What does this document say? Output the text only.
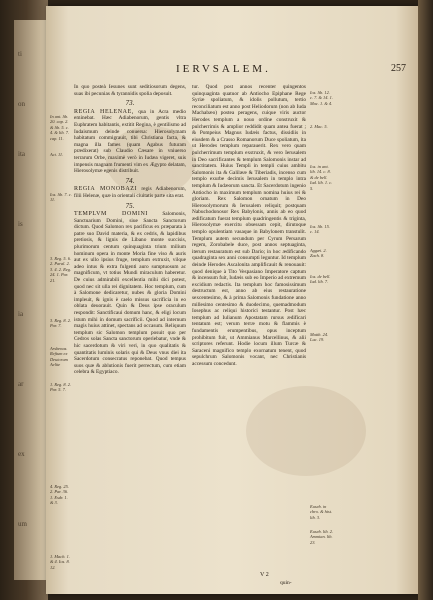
ti
on
ita
is
ia
ar
ex
um
IERVSALEM.	257
In ant. lib. 20. cap. 2. & lib. 5. c. 4. & lib. 7. cap. 11.
Act. 11.
Ios. lib. 7. c. 11.
3. Reg. 5. 6. 2. Paral. 2. 3. 4. 2. Reg. 24. 1. Par. 21.
3. Reg. 8. 2. Par. 7.
Arsbenas. Reftum ex Deutorum Aelite
1. Reg. 8. 2. Par. 5. 7.
4. Reg. 25. 2. Par. 36. 1. Esdr. 1. & 3.
1. Mach. 1. & 4. Ios. 8. 12.

In quo posteà Iesunes sunt seditiosorum degens, suas ibi pecunias & tyrannidis spolia deposuit.

73.

REGIA HELENAE, qua in Acra medio eminebat. Hæc Adiabenorum, gentis vltra Euphratem habitantis, extitit Regina, è gentilismo ad Iudaismum deinde conuersa: Hierosolymam habitatum commigrauit, tibi Christiana facta, & magna illa fames (quam Agabus futuram prædixerat) sub Claudio Cæsare in vniuerso terrarum Orbe, maximè verò in Iudæa vigeret, suis impensis magnam frumenti vim ex Ægypto delatam, Hierosolymæ egenis distribuit.

74.

REGIA MONOBAZI regis Adiabenorum, filii Helenæ, quæ in orientali ciuitatis parte sita erat.

75.

TEMPLVM DOMINI	Salomonis, Sanctuarium Domini, siue Sancta Sanctorum dictum. Quod Salomon rex pacificus ex præparata à patre suo David materia, & ex cedris, & lapidibus pretiosis, & lignis de Libano monte succisis, plurimorum centum quinquaginta trium milium hominum opera in monte Moria fine viso & auris aut ex ullo ipsius fruge, templum extruxit, vilque adeo intus & extra fulgenti auro sumptuosum ac magnificum, vt totius Mundi miraculum haberetur. De cuius admirabili excellentia mihi dici potest, quod nec sit ulla rei dignitatem. Hoc templum, cum à Salomone dedicaretur, nubes & gloria Domini impleuit, & ignis è caelo missus sacrificia in eo oblata deuorauit. Quin & Deus ipse oraculum respondit: Sanctificaui domum hanc, & eligi locum istum mihi in domum sacrificii. Quod ad internum magis huius attinet, spectans ad occasum. Reliquum templum sic Salomon templum posuit quo per Cedros solas Sancta sanctorum operiebatur, vnde & hic sacerdotum & viri veri, in quo qualitatis & quantitatis luminis solaris qui & Deus vnus diei ita Sacerdotum consecratus reponebat. Quod tempus suos quæ & ablutionis fuerit perrectum, cum etiam celebra & Egyptiaco.

tur. Quod post annos recenter quingentos quinquaginta quatuor ab Antiocho Epiphane Rege Syriæ spoliatum, & idolis pollutum, tertio reconciliatum est anno post Heliodorum (non ab Iuda Machabæo) postea peragens, cuique viris auctor Herodes templum a nouo ordine construxit & pulcherrimis & amplior reddidit quam antea fuerat ; & Pompeius Magnus Iudæis factus, dissidiis in eiusdem & a Crasso Romanorum Duce spoliatum, ita ut Herodes templum reparauerit. Rex vero quam pulcherrimum templum exstruxit, & vero Ierusalem in Deo sacrificantes & templum Salomonis instar ad sanctitatem. Huius Templi in templi cuius ambitu Salomonis ita & Galilææ & Tiberiadis, incenso cum templo exurbe decimis Ierusalem in templo intra templum & Iudæorum sancta. Et Sacerdotum ingenio Antiocho in maximum templum nomina huius rei & gloriam. Rex Salomon ornatum in Deo Hierosolymorum & Ierusalem reliquit; postquam Nabuchodonosor Rex Babylonis, annis ab eo quod ædificatum fuerat templum quadringentis & triginta, Hierosolymæ exercitu obsessam cepit, dirutoque templo opulentiam vasaque in Babylonem transtulit. Templum autem secundum per Cyrum Persarum regem, Zorobabele duce, post annos septuaginta, iterum restauratum est sub Dario; in hoc ædificando quadraginta sex anni consumpti leguntur. Id templum deinde Herodes Ascalonita amplificauit & renouauit: quod denique à Tito Vespasiano Imperatore captum & incensum fuit, Iudæis sub eo Imperio ad extremum excidium redactis. Ita templum hoc famosissimum destructum est, anno ab eius restauratione sexcentesimo, & à prima Salomonis fundatione anno millesimo centesimo & duodecimo, quemadmodum Iosephus ac reliqui historici testantur. Post hæc templum ad Iulianum Apostatam rursus ædificari tentatum est; verum terræ motu & flammis è fundamentis erumpentibus, opus inceptum prohibitum fuit, ut Ammianus Marcellinus, & alii scriptores referunt. Hodie locum illum Turcæ & Saraceni magnifico templo exornatum tenent, quod sepulchrum Salomonis vocant, nec Christianis accessum concedunt.

Ios. lib. 12. c. 7. & 14. 1. Mac. 1. & 4.
2. Mac. 5.
Ios. in ant. lib. 14. c. 8. & de bell. Iud. lib. 1. c. 5.
Ios. lib. 15. c. 14.
Aggæi. 2. Zach. 8.
Ios. de bell. Iud. lib. 7.
Matth. 24. Luc. 19.
Euseb. in chro. & hist. lib. 3.
Euseb. lib. 2. Ammian. lib. 23.
V 2
quin-
